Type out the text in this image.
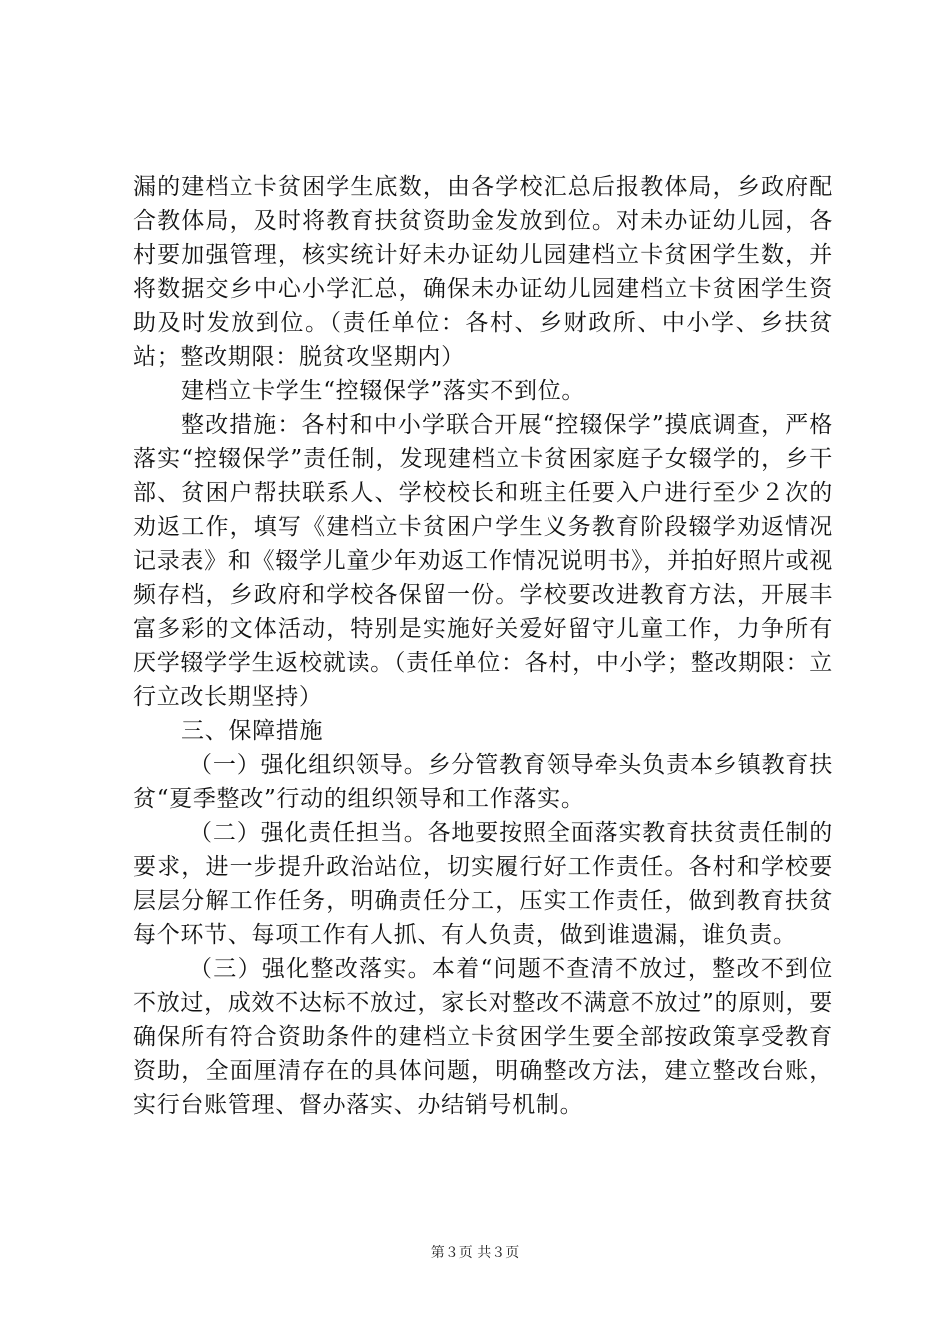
漏的建档立卡贫困学生底数，由各学校汇总后报教体局，乡政府配合教体局，及时将教育扶贫资助金发放到位。对未办证幼儿园，各村要加强管理，核实统计好未办证幼儿园建档立卡贫困学生数，并将数据交乡中心小学汇总，确保未办证幼儿园建档立卡贫困学生资助及时发放到位。（责任单位：各村、乡财政所、中小学、乡扶贫站；整改期限：脱贫攻坚期内）

建档立卡学生“控辍保学”落实不到位。

整改措施：各村和中小学联合开展“控辍保学”摸底调查，严格落实“控辍保学”责任制，发现建档立卡贫困家庭子女辍学的，乡干部、贫困户帮扶联系人、学校校长和班主任要入户进行至少２次的劝返工作，填写《建档立卡贫困户学生义务教育阶段辍学劝返情况记录表》和《辍学儿童少年劝返工作情况说明书》，并拍好照片或视频存档，乡政府和学校各保留一份。学校要改进教育方法，开展丰富多彩的文体活动，特别是实施好关爱好留守儿童工作，力争所有厌学辍学学生返校就读。（责任单位：各村，中小学；整改期限：立行立改长期坚持）

三、保障措施

（一）强化组织领导。乡分管教育领导牵头负责本乡镇教育扶贫“夏季整改”行动的组织领导和工作落实。

（二）强化责任担当。各地要按照全面落实教育扶贫责任制的要求，进一步提升政治站位，切实履行好工作责任。各村和学校要层层分解工作任务，明确责任分工，压实工作责任，做到教育扶贫每个环节、每项工作有人抓、有人负责，做到谁遗漏，谁负责。

（三）强化整改落实。本着“问题不查清不放过，整改不到位不放过，成效不达标不放过，家长对整改不满意不放过”的原则，要确保所有符合资助条件的建档立卡贫困学生要全部按政策享受教育资助，全面厘清存在的具体问题，明确整改方法，建立整改台账，实行台账管理、督办落实、办结销号机制。

第３页 共３页
